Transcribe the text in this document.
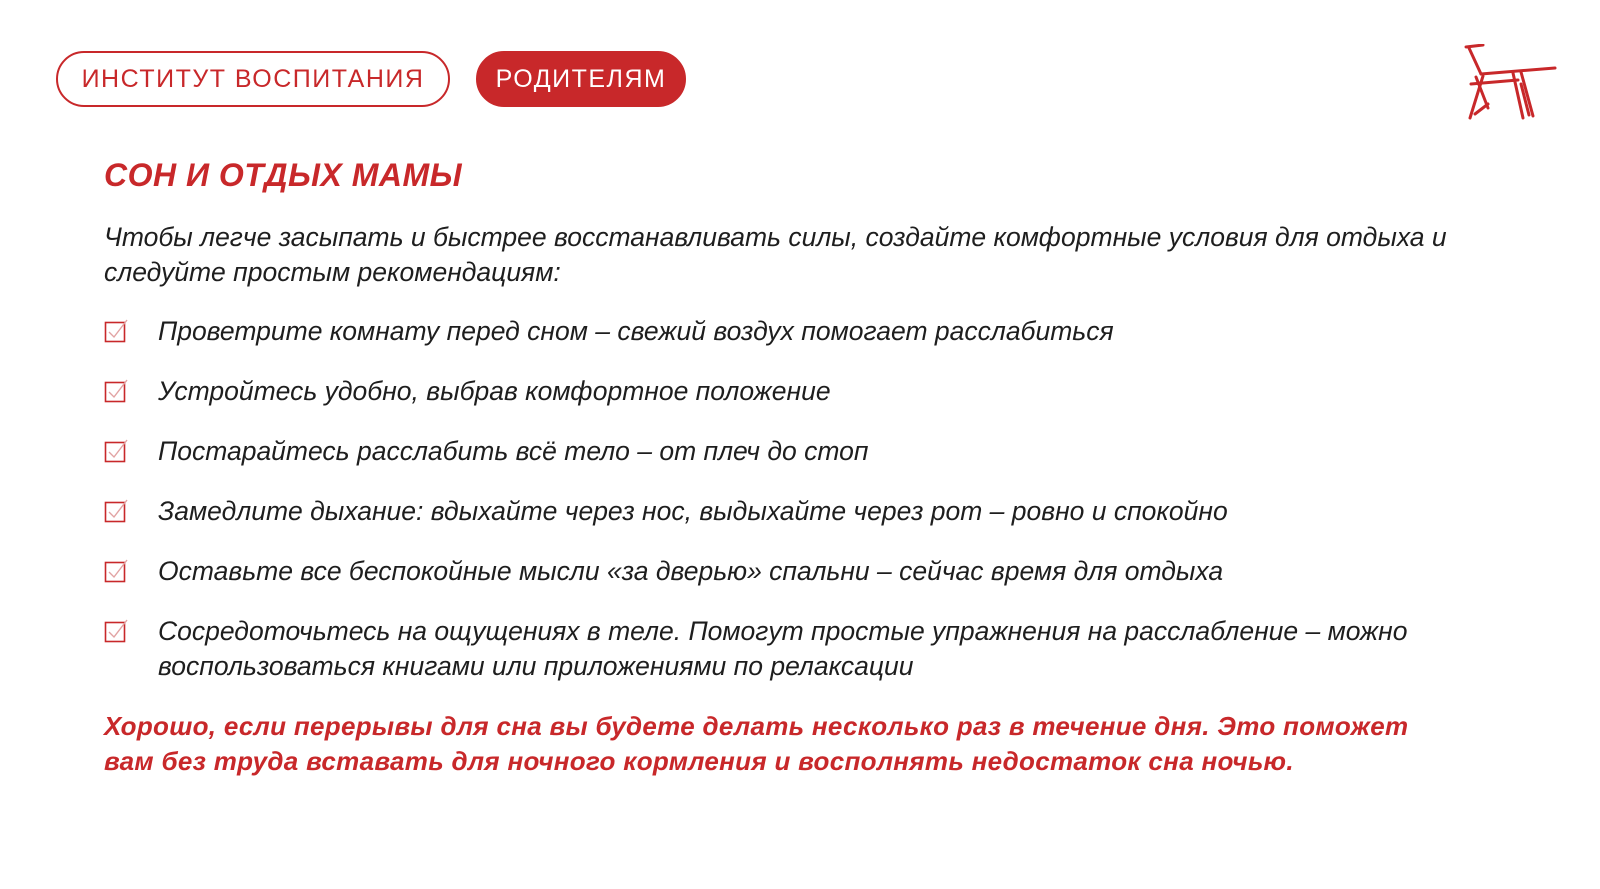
ИНСТИТУТ ВОСПИТАНИЯ	РОДИТЕЛЯМ
СОН И ОТДЫХ МАМЫ

Чтобы легче засыпать и быстрее восстанавливать силы, создайте комфортные условия для отдыха и следуйте простым рекомендациям:

Проветрите комнату перед сном – свежий воздух помогает расслабиться
Устройтесь удобно, выбрав комфортное положение
Постарайтесь расслабить всё тело – от плеч до стоп
Замедлите дыхание: вдыхайте через нос, выдыхайте через рот – ровно и спокойно
Оставьте все беспокойные мысли «за дверью» спальни – сейчас время для отдыха
Сосредоточьтесь на ощущениях в теле. Помогут простые упражнения на расслабление – можно воспользоваться книгами или приложениями по релаксации

Хорошо, если перерывы для сна вы будете делать несколько раз в течение дня. Это поможет вам без труда вставать для ночного кормления и восполнять недостаток сна ночью.
